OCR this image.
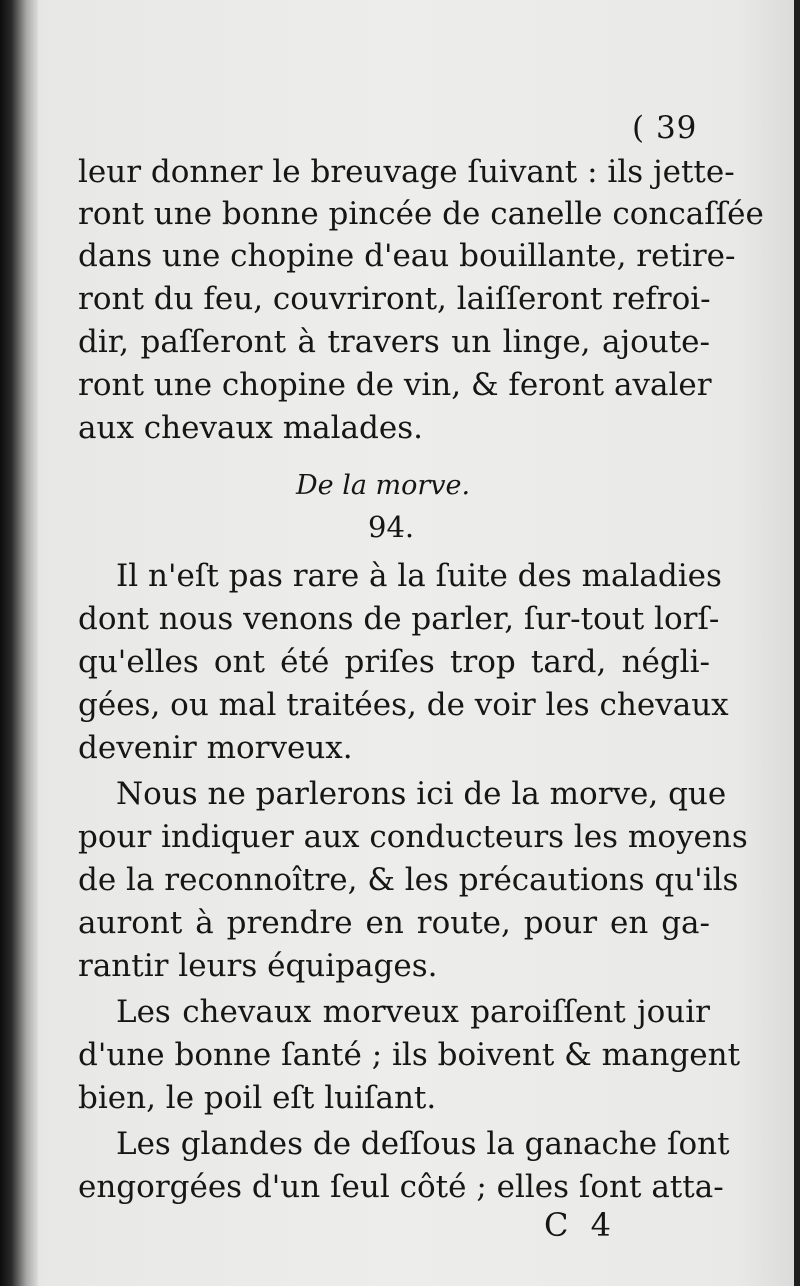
( 39
leur donner le breuvage ſuivant : ils jette-
ront une bonne pincée de canelle concaſſée
dans une chopine d'eau bouillante, retire-
ront du feu, couvriront, laiſſeront refroi-
dir, paſſeront à travers un linge, ajoute-
ront une chopine de vin, & feront avaler
aux chevaux malades.
Il n'eſt pas rare à la ſuite des maladies
dont nous venons de parler, ſur-tout lorſ-
qu'elles ont été priſes trop tard, négli-
gées, ou mal traitées, de voir les chevaux
devenir morveux.
Nous ne parlerons ici de la morve, que
pour indiquer aux conducteurs les moyens
de la reconnoître, & les précautions qu'ils
auront à prendre en route, pour en ga-
rantir leurs équipages.
Les chevaux morveux paroiſſent jouir
d'une bonne ſanté ; ils boivent & mangent
bien, le poil eſt luiſant.
Les glandes de deſſous la ganache ſont
engorgées d'un ſeul côté ; elles ſont atta-
De la morve.
94.
C 4
